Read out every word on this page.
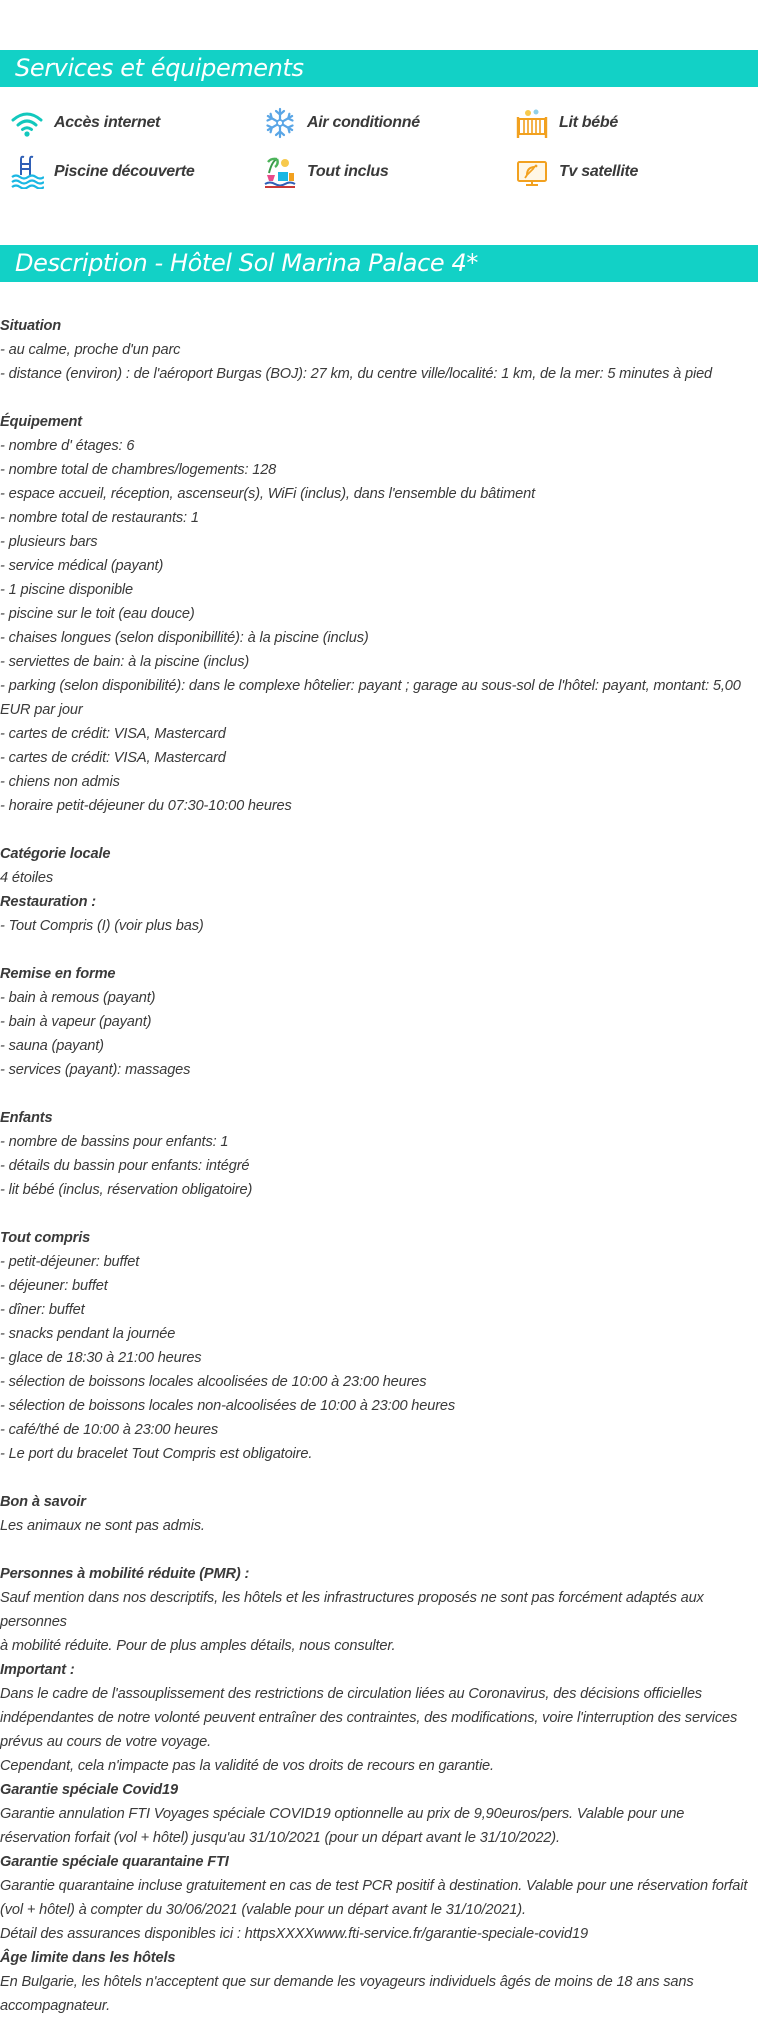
Services et équipements
Accès internet	Air conditionné	Lit bébé
Piscine découverte	Tout inclus	Tv satellite
Description - Hôtel Sol Marina Palace 4*
Situation
- au calme, proche d'un parc
- distance (environ) : de l'aéroport Burgas (BOJ): 27 km, du centre ville/localité: 1 km, de la mer: 5 minutes à pied
Équipement
- nombre d' étages: 6
- nombre total de chambres/logements: 128
- espace accueil, réception, ascenseur(s), WiFi (inclus), dans l'ensemble du bâtiment
- nombre total de restaurants: 1
- plusieurs bars
- service médical (payant)
- 1 piscine disponible
- piscine sur le toit (eau douce)
- chaises longues (selon disponibillité): à la piscine (inclus)
- serviettes de bain: à la piscine (inclus)
- parking (selon disponibilité): dans le complexe hôtelier: payant ; garage au sous-sol de l'hôtel: payant, montant: 5,00
EUR par jour
- cartes de crédit: VISA, Mastercard
- cartes de crédit: VISA, Mastercard
- chiens non admis
- horaire petit-déjeuner du 07:30-10:00 heures
Catégorie locale
4 étoiles
Restauration :
- Tout Compris (I) (voir plus bas)
Remise en forme
- bain à remous (payant)
- bain à vapeur (payant)
- sauna (payant)
- services (payant): massages
Enfants
- nombre de bassins pour enfants: 1
- détails du bassin pour enfants: intégré
- lit bébé (inclus, réservation obligatoire)
Tout compris
- petit-déjeuner: buffet
- déjeuner: buffet
- dîner: buffet
- snacks pendant la journée
- glace de 18:30 à 21:00 heures
- sélection de boissons locales alcoolisées de 10:00 à 23:00 heures
- sélection de boissons locales non-alcoolisées de 10:00 à 23:00 heures
- café/thé de 10:00 à 23:00 heures
- Le port du bracelet Tout Compris est obligatoire.
Bon à savoir
Les animaux ne sont pas admis.
Personnes à mobilité réduite (PMR) :
Sauf mention dans nos descriptifs, les hôtels et les infrastructures proposés ne sont pas forcément adaptés aux personnes
à mobilité réduite. Pour de plus amples détails, nous consulter.
Important :
Dans le cadre de l'assouplissement des restrictions de circulation liées au Coronavirus, des décisions officielles
indépendantes de notre volonté peuvent entraîner des contraintes, des modifications, voire l'interruption des services
prévus au cours de votre voyage.
Cependant, cela n'impacte pas la validité de vos droits de recours en garantie.
Garantie spéciale Covid19
Garantie annulation FTI Voyages spéciale COVID19 optionnelle au prix de 9,90euros/pers. Valable pour une
réservation forfait (vol + hôtel) jusqu'au 31/10/2021 (pour un départ avant le 31/10/2022).
Garantie spéciale quarantaine FTI
Garantie quarantaine incluse gratuitement en cas de test PCR positif à destination. Valable pour une réservation forfait
(vol + hôtel) à compter du 30/06/2021 (valable pour un départ avant le 31/10/2021).
Détail des assurances disponibles ici : httpsXXXXwww.fti-service.fr/garantie-speciale-covid19
Âge limite dans les hôtels
En Bulgarie, les hôtels n'acceptent que sur demande les voyageurs individuels âgés de moins de 18 ans sans
accompagnateur.
